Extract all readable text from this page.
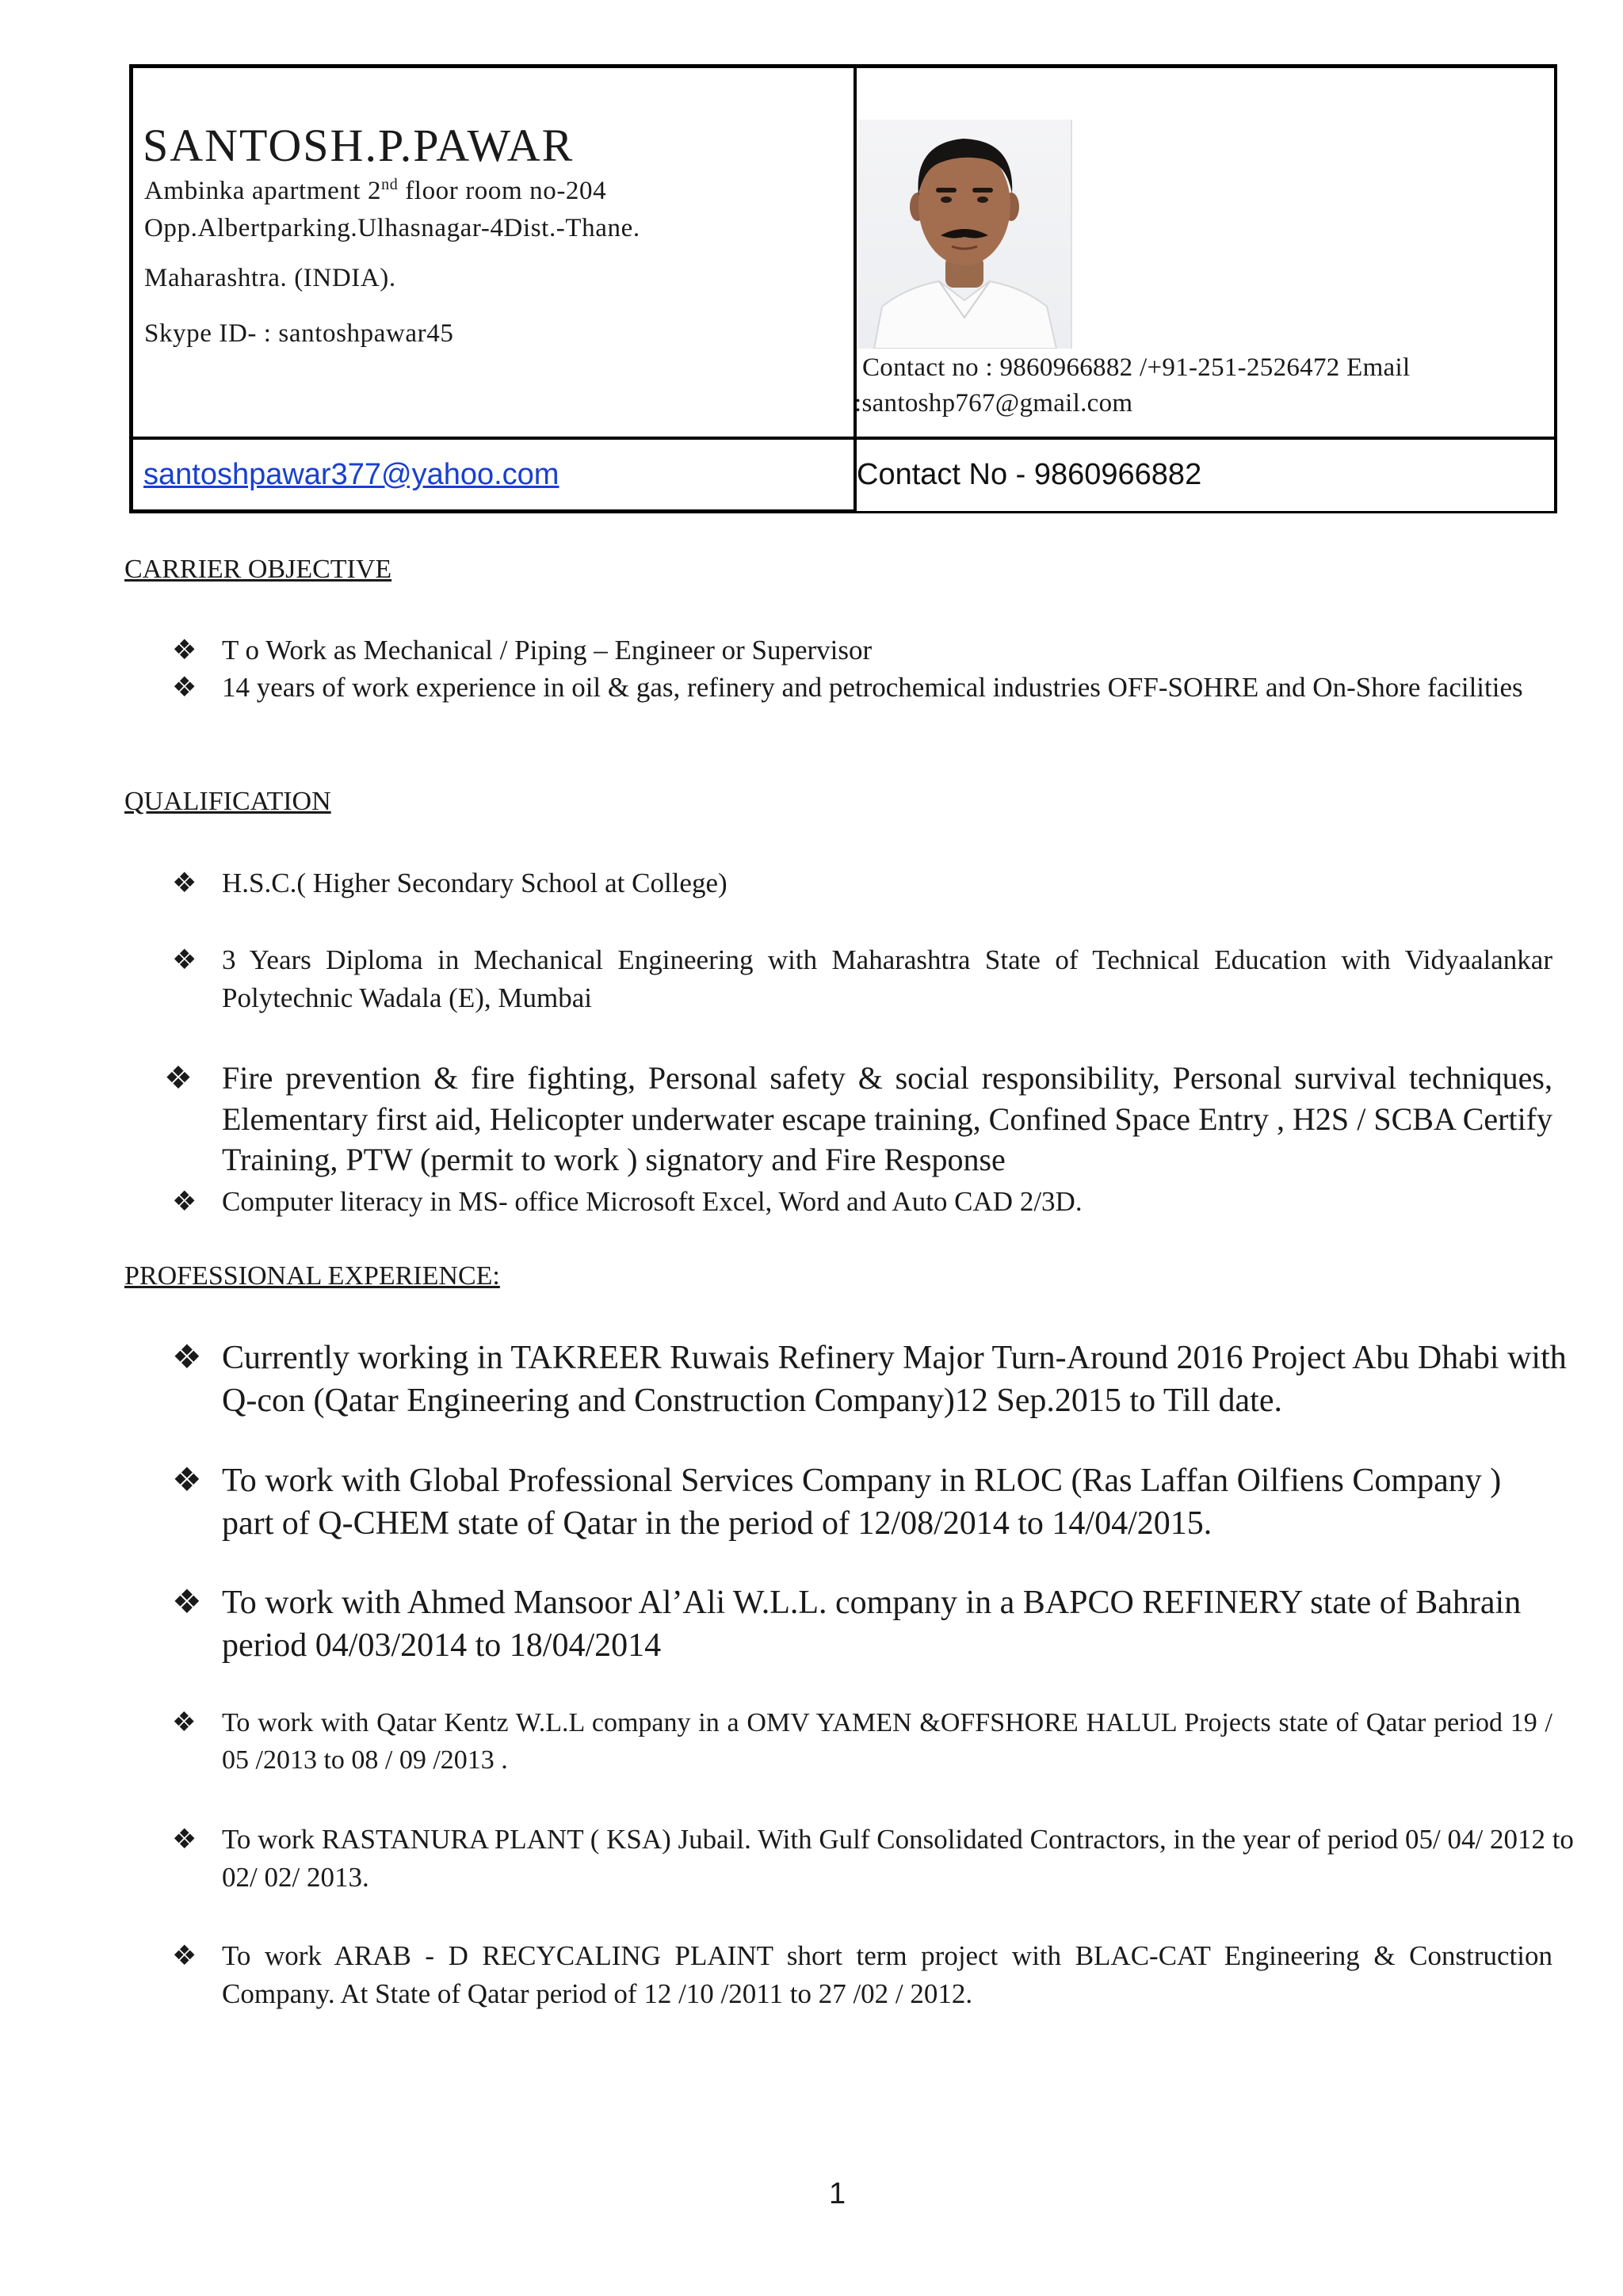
SANTOSH.P.PAWAR

Ambinka apartment 2nd floor room no-204

Opp.Albertparking.Ulhasnagar-4Dist.-Thane.

Maharashtra. (INDIA).

Skype ID- : santoshpawar45

Contact no : 9860966882 /+91-251-2526472 Email

:santoshp767@gmail.com

santoshpawar377@yahoo.com	Contact No - 9860966882

CARRIER OBJECTIVE

❖ T o Work as Mechanical / Piping – Engineer or Supervisor

❖ 14 years of work experience in oil & gas, refinery and petrochemical industries OFF-SOHRE and On-Shore facilities

QUALIFICATION

❖ H.S.C.( Higher Secondary School at College)

❖ 3 Years Diploma in Mechanical Engineering with Maharashtra State of Technical Education with Vidyaalankar Polytechnic Wadala (E), Mumbai

❖ Fire prevention & fire fighting, Personal safety & social responsibility, Personal survival techniques, Elementary first aid, Helicopter underwater escape training, Confined Space Entry , H2S / SCBA Certify Training, PTW (permit to work ) signatory and Fire Response

❖ Computer literacy in MS- office Microsoft Excel, Word and Auto CAD 2/3D.

PROFESSIONAL EXPERIENCE:

❖ Currently working in TAKREER Ruwais Refinery Major Turn-Around 2016 Project Abu Dhabi with Q-con (Qatar Engineering and Construction Company)12 Sep.2015 to Till date.

❖ To work with Global Professional Services Company in RLOC (Ras Laffan Oilfiens Company ) part of Q-CHEM state of Qatar in the period of 12/08/2014 to 14/04/2015.

❖ To work with Ahmed Mansoor Al’Ali W.L.L. company in a BAPCO REFINERY state of Bahrain period 04/03/2014 to 18/04/2014

❖ To work with Qatar Kentz W.L.L company in a OMV YAMEN &OFFSHORE HALUL Projects state of Qatar period 19 / 05 /2013 to 08 / 09 /2013 .

❖ To work RASTANURA PLANT ( KSA) Jubail. With Gulf Consolidated Contractors, in the year of period 05/ 04/ 2012 to 02/ 02/ 2013.

❖ To work ARAB - D RECYCALING PLAINT short term project with BLAC-CAT Engineering & Construction Company. At State of Qatar period of 12 /10 /2011 to 27 /02 / 2012.

1
